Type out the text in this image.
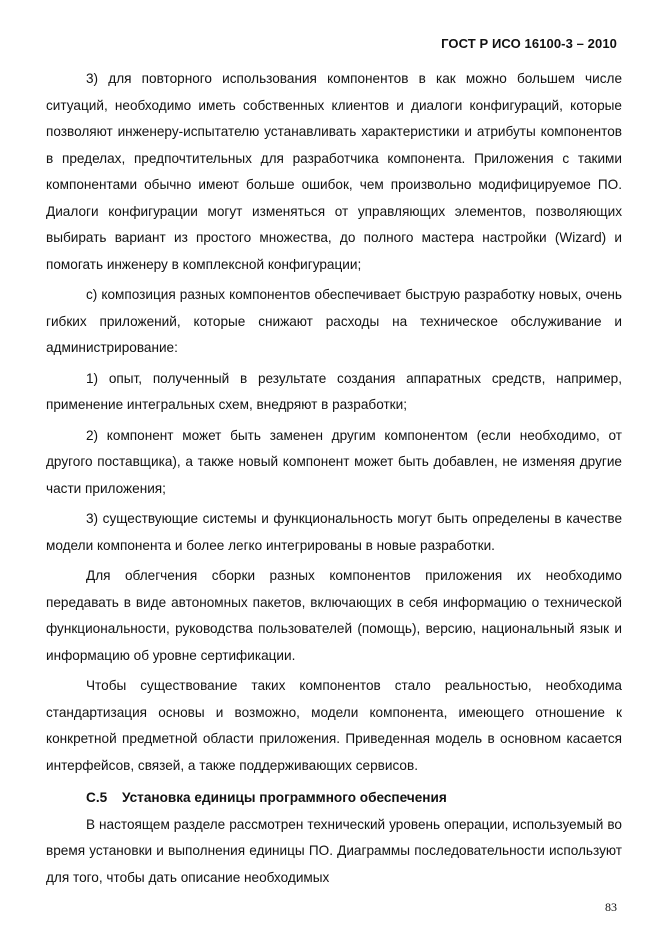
ГОСТ Р ИСО 16100-3 – 2010

3) для повторного использования компонентов в как можно большем числе ситуаций, необходимо иметь собственных клиентов и диалоги конфигураций, которые позволяют инженеру-испытателю устанавливать характеристики и атрибуты компонентов в пределах, предпочтительных для разработчика компонента. Приложения с такими компонентами обычно имеют больше ошибок, чем произвольно модифицируемое ПО. Диалоги конфигурации могут изменяться от управляющих элементов, позволяющих выбирать вариант из простого множества, до полного мастера настройки (Wizard) и помогать инженеру в комплексной конфигурации;

c) композиция разных компонентов обеспечивает быструю разработку новых, очень гибких приложений, которые снижают расходы на техническое обслуживание и администрирование:

1) опыт, полученный в результате создания аппаратных средств, например, применение интегральных схем, внедряют в разработки;

2) компонент может быть заменен другим компонентом (если необходимо, от другого поставщика), а также новый компонент может быть добавлен, не изменяя другие части приложения;

3) существующие системы и функциональность могут быть определены в качестве модели компонента и более легко интегрированы в новые разработки.

Для облегчения сборки разных компонентов приложения их необходимо передавать в виде автономных пакетов, включающих в себя информацию о технической функциональности, руководства пользователей (помощь), версию, национальный язык и информацию об уровне сертификации.

Чтобы существование таких компонентов стало реальностью, необходима стандартизация основы и возможно, модели компонента, имеющего отношение к конкретной предметной области приложения. Приведенная модель в основном касается интерфейсов, связей, а также поддерживающих сервисов.

C.5 Установка единицы программного обеспечения

В настоящем разделе рассмотрен технический уровень операции, используемый во время установки и выполнения единицы ПО. Диаграммы последовательности используют для того, чтобы дать описание необходимых

83
